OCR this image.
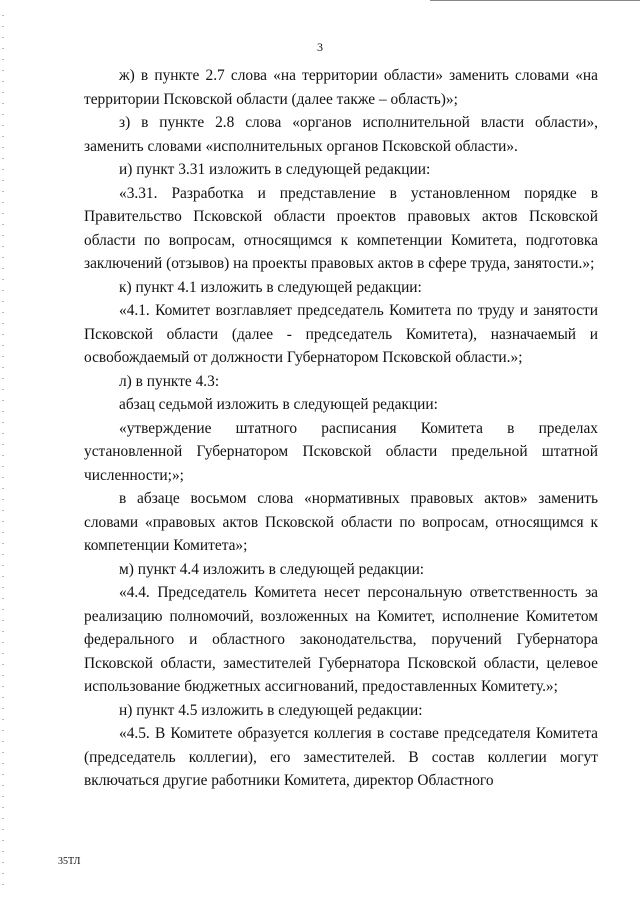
3

ж) в пункте 2.7 слова «на территории области» заменить словами «на территории Псковской области (далее также – область)»;

з) в пункте 2.8 слова «органов исполнительной власти области», заменить словами «исполнительных органов Псковской области».

и) пункт 3.31 изложить в следующей редакции:

«3.31. Разработка и представление в установленном порядке в Правительство Псковской области проектов правовых актов Псковской области по вопросам, относящимся к компетенции Комитета, подготовка заключений (отзывов) на проекты правовых актов в сфере труда, занятости.»;

к) пункт 4.1 изложить в следующей редакции:

«4.1. Комитет возглавляет председатель Комитета по труду и занятости Псковской области (далее - председатель Комитета), назначаемый и освобождаемый от должности Губернатором Псковской области.»;

л) в пункте 4.3:

абзац седьмой изложить в следующей редакции:

«утверждение штатного расписания Комитета в пределах установленной Губернатором Псковской области предельной штатной численности;»;

в абзаце восьмом слова «нормативных правовых актов» заменить словами «правовых актов Псковской области по вопросам, относящимся к компетенции Комитета»;

м) пункт 4.4 изложить в следующей редакции:

«4.4. Председатель Комитета несет персональную ответственность за реализацию полномочий, возложенных на Комитет, исполнение Комитетом федерального и областного законодательства, поручений Губернатора Псковской области, заместителей Губернатора Псковской области, целевое использование бюджетных ассигнований, предоставленных Комитету.»;

н) пункт 4.5 изложить в следующей редакции:

«4.5. В Комитете образуется коллегия в составе председателя Комитета (председатель коллегии), его заместителей. В состав коллегии могут включаться другие работники Комитета, директор Областного

35ТЛ
